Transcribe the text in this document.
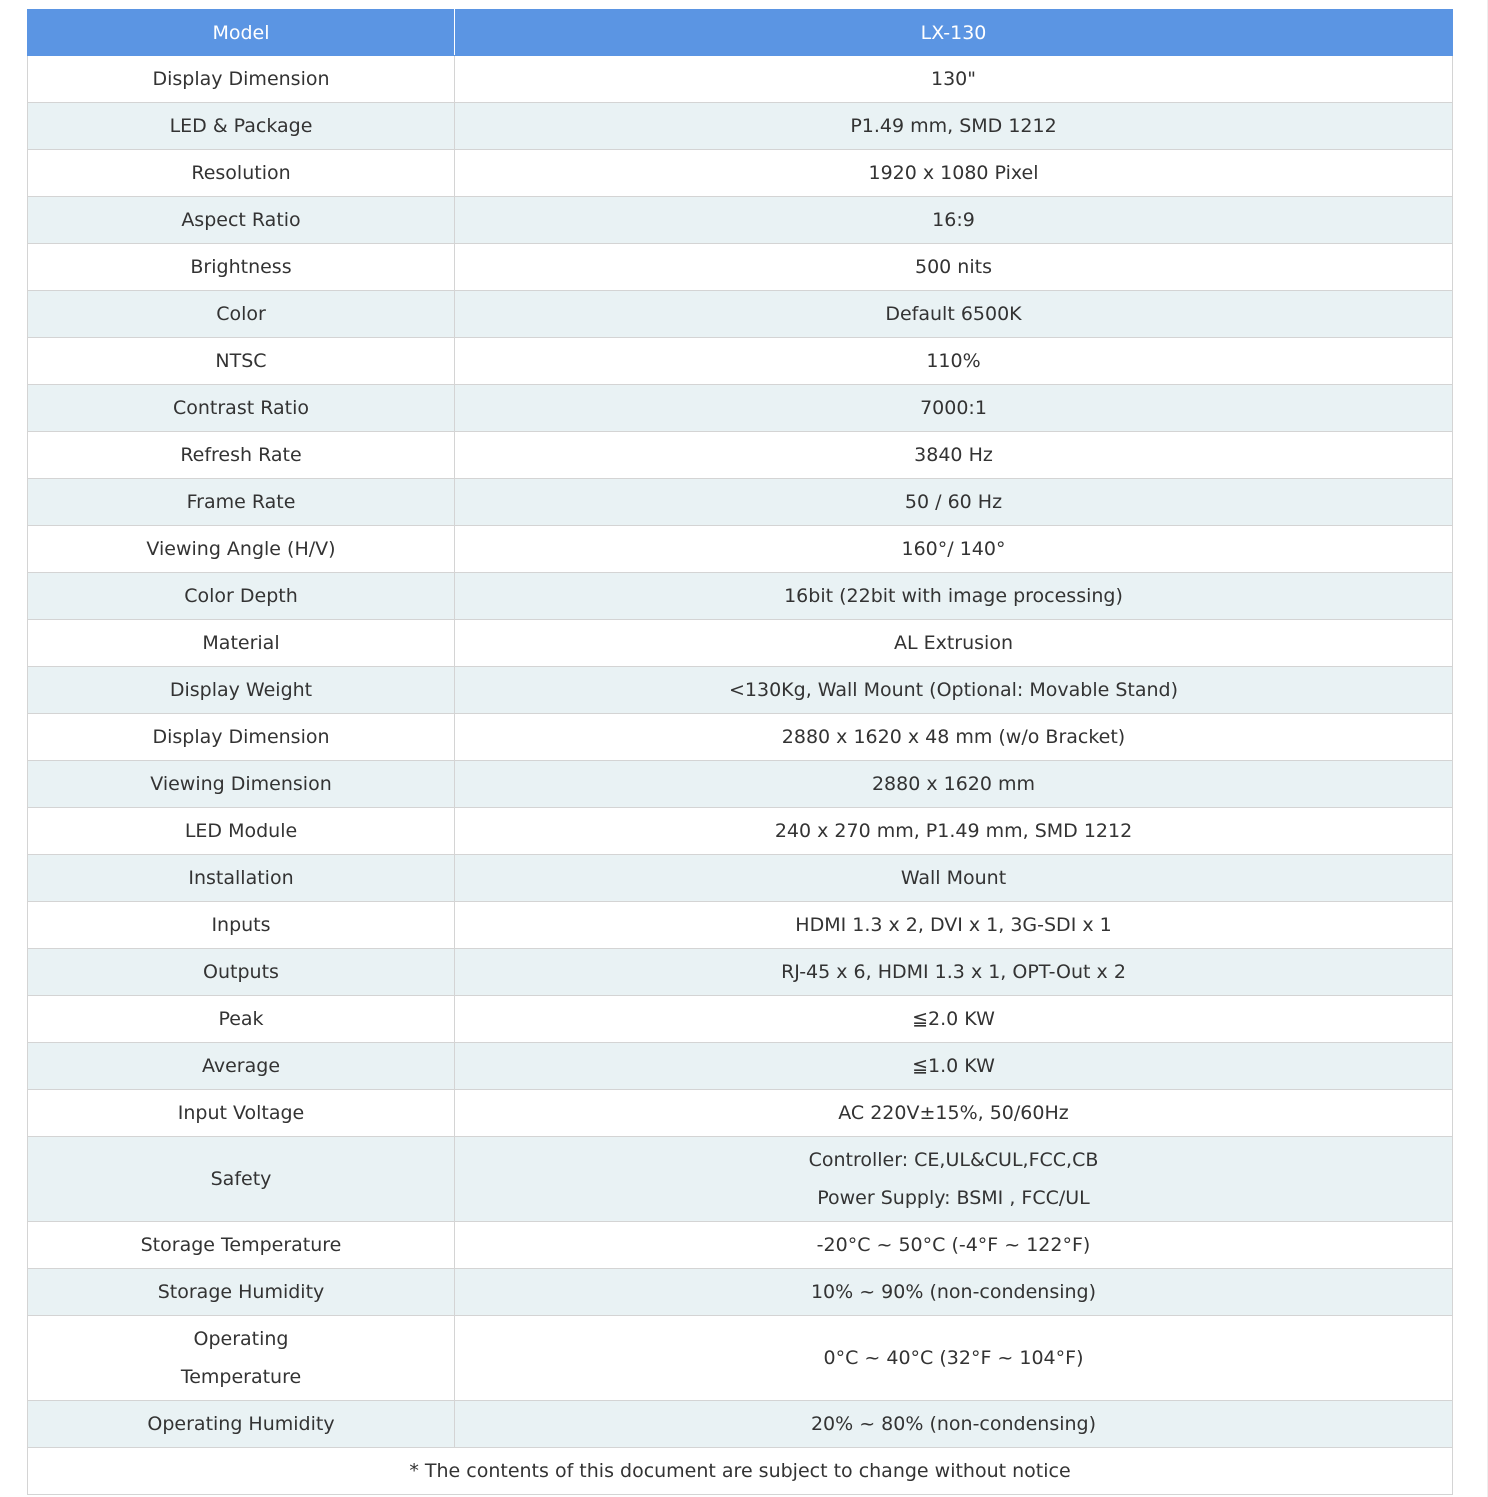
Model	LX-130
Display Dimension	130"
LED & Package	P1.49 mm, SMD 1212
Resolution	1920 x 1080 Pixel
Aspect Ratio	16:9
Brightness	500 nits
Color	Default 6500K
NTSC	110%
Contrast Ratio	7000:1
Refresh Rate	3840 Hz
Frame Rate	50 / 60 Hz
Viewing Angle (H/V)	160°/ 140°
Color Depth	16bit (22bit with image processing)
Material	AL Extrusion
Display Weight	<130Kg, Wall Mount (Optional: Movable Stand)
Display Dimension	2880 x 1620 x 48 mm (w/o Bracket)
Viewing Dimension	2880 x 1620 mm
LED Module	240 x 270 mm, P1.49 mm, SMD 1212
Installation	Wall Mount
Inputs	HDMI 1.3 x 2, DVI x 1, 3G-SDI x 1
Outputs	RJ-45 x 6, HDMI 1.3 x 1, OPT-Out x 2
Peak	≦2.0 KW
Average	≦1.0 KW
Input Voltage	AC 220V±15%, 50/60Hz
Safety	Controller: CE,UL&CUL,FCC,CB
Power Supply: BSMI , FCC/UL

Storage Temperature	-20°C ~ 50°C (-4°F ~ 122°F)
Storage Humidity	10% ~ 90% (non-condensing)

Operating
Temperature	0°C ~ 40°C (32°F ~ 104°F)
Operating Humidity	20% ~ 80% (non-condensing)
* The contents of this document are subject to change without notice	
